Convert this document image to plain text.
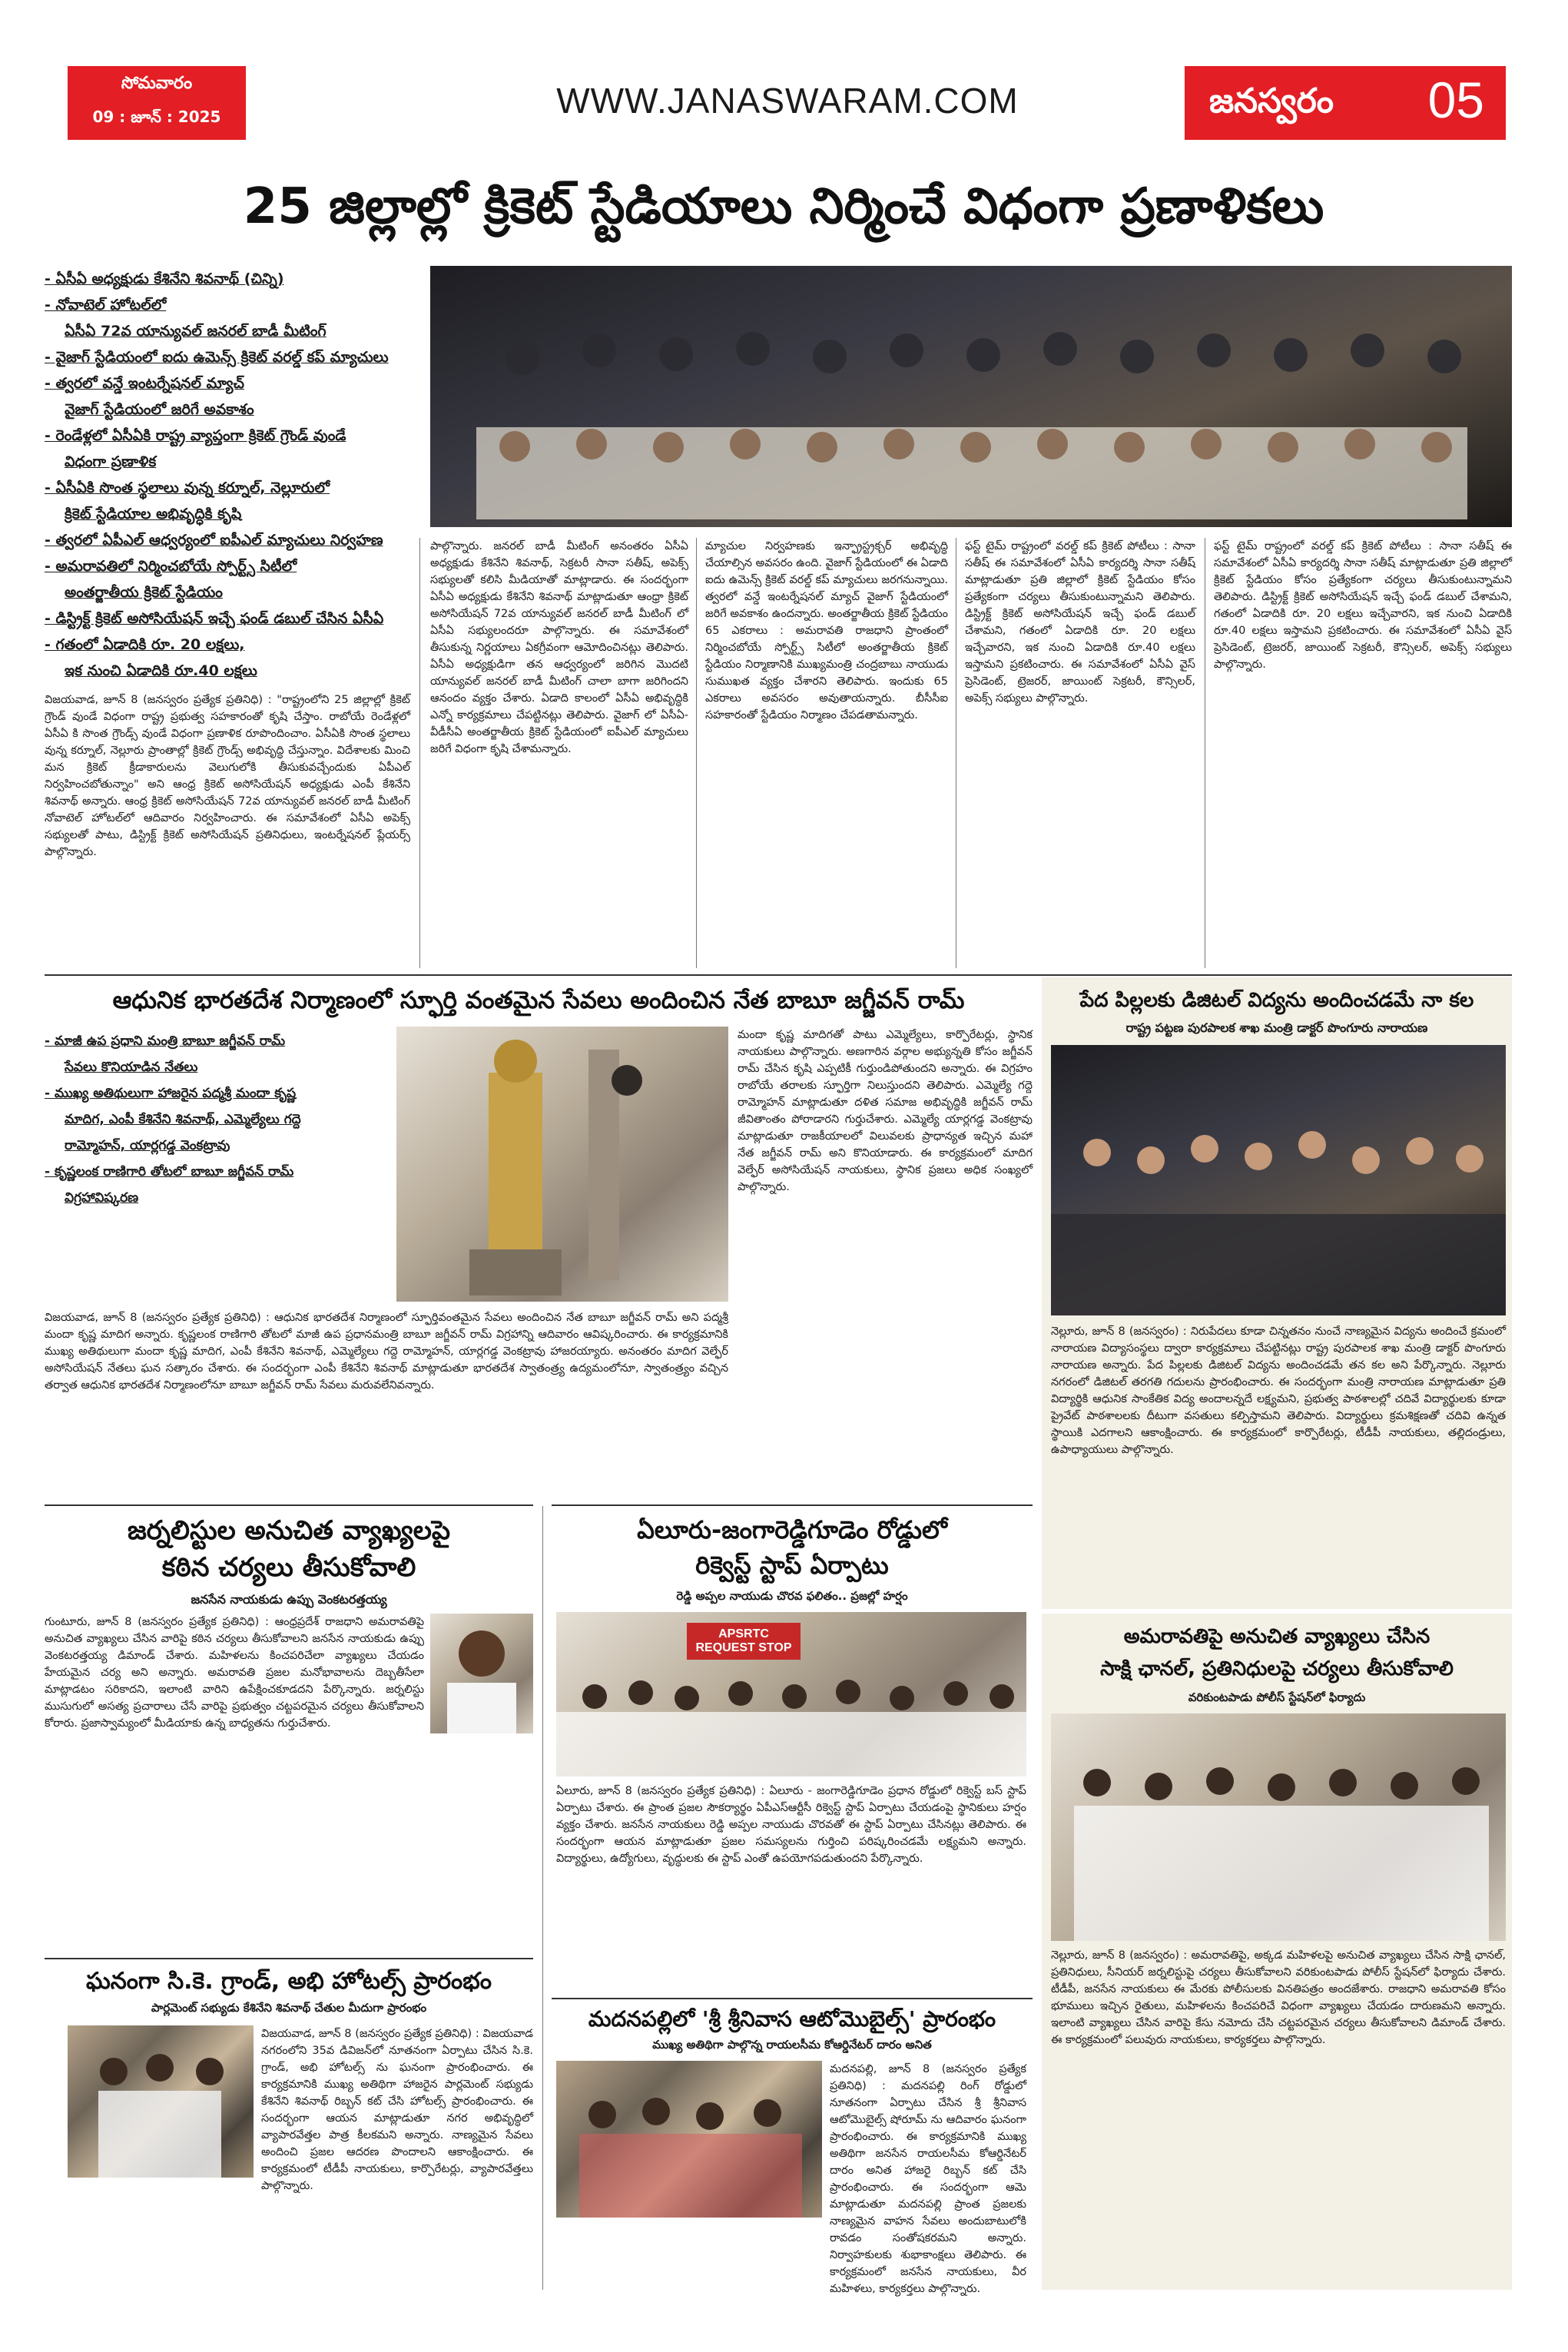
సోమవారం
09 : జూన్ : 2025	WWW.JANASWARAM.COM	జనస్వరం 05
25 జిల్లాల్లో క్రికెట్ స్టేడియాలు నిర్మించే విధంగా ప్రణాళికలు
- ఏసీఏ అధ్యక్షుడు కేశినేని శివనాథ్ (చిన్ని)
- నోవాటెల్ హోటల్‌లో
ఏసీఏ 72వ యాన్యువల్ జనరల్ బాడీ మీటింగ్
- వైజాగ్ స్టేడియంలో ఐదు ఉమెన్స్ క్రికెట్ వరల్డ్ కప్ మ్యాచులు
- త్వరలో వన్డే ఇంటర్నేషనల్ మ్యాచ్
వైజాగ్ స్టేడియంలో జరిగే అవకాశం
- రెండేళ్లలో ఏసీఏకి రాష్ట్ర వ్యాప్తంగా క్రికెట్ గ్రౌండ్ వుండే
విధంగా ప్రణాళిక
- ఏసీఏకి సొంత స్థలాలు వున్న కర్నూల్, నెల్లూరులో
క్రికెట్ స్టేడియాల అభివృద్ధికి కృషి
- త్వరలో ఏపీఎల్ ఆధ్వర్యంలో ఐపీఎల్ మ్యాచులు నిర్వహణ
- అమరావతిలో నిర్మించబోయే స్పోర్ట్స్ సిటీలో
అంతర్జాతీయ క్రికెట్ స్టేడియం
- డిస్ట్రిక్ట్ క్రికెట్ అసోసియేషన్ ఇచ్చే ఫండ్ డబుల్ చేసిన ఏసీఏ
- గతంలో ఏడాదికి రూ. 20 లక్షలు,
ఇక నుంచి ఏడాదికి రూ.40 లక్షలు

విజయవాడ, జూన్ 8 (జనస్వరం ప్రత్యేక ప్రతినిధి) : "రాష్ట్రంలోని 25 జిల్లాల్లో క్రికెట్ గ్రౌండ్ వుండే విధంగా రాష్ట్ర ప్రభుత్వ సహకారంతో కృషి చేస్తాం. రాబోయే రెండేళ్లలో ఏసీఏ కి సొంత గ్రౌండ్స్ వుండే విధంగా ప్రణాళిక రూపొందించాం. ఏసీఏకి సొంత స్థలాలు వున్న కర్నూల్, నెల్లూరు ప్రాంతాల్లో క్రికెట్ గ్రౌండ్స్ అభివృద్ధి చేస్తున్నాం. విదేశాలకు మించి మన క్రికెట్ క్రీడాకారులను వెలుగులోకి తీసుకువచ్చేందుకు ఏపీఎల్ నిర్వహించబోతున్నాం" అని ఆంధ్ర క్రికెట్ అసోసియేషన్ అధ్యక్షుడు ఎంపీ కేశినేని శివనాథ్ అన్నారు. ఆంధ్ర క్రికెట్ అసోసియేషన్ 72వ యాన్యువల్ జనరల్ బాడీ మీటింగ్ నోవాటెల్ హోటల్‌లో ఆదివారం నిర్వహించారు. ఈ సమావేశంలో ఏసీఏ అపెక్స్ సభ్యులతో పాటు, డిస్ట్రిక్ట్ క్రికెట్ అసోసియేషన్ ప్రతినిధులు, ఇంటర్నేషనల్ ప్లేయర్స్ పాల్గొన్నారు.

పాల్గొన్నారు. జనరల్ బాడీ మీటింగ్ అనంతరం ఏసీఏ అధ్యక్షుడు కేశినేని శివనాథ్, సెక్రటరీ సానా సతీష్, అపెక్స్ సభ్యులతో కలిసి మీడియాతో మాట్లాడారు. ఈ సందర్భంగా ఏసీఏ అధ్యక్షుడు కేశినేని శివనాథ్ మాట్లాడుతూ ఆంధ్రా క్రికెట్ అసోసియేషన్ 72వ యాన్యువల్ జనరల్ బాడీ మీటింగ్ లో ఏసీఏ సభ్యులందరూ పాల్గొన్నారు. ఈ సమావేశంలో తీసుకున్న నిర్ణయాలు ఏకగ్రీవంగా ఆమోదించినట్లు తెలిపారు. ఏసీఏ అధ్యక్షుడిగా తన ఆధ్వర్యంలో జరిగిన మొదటి యాన్యువల్ జనరల్ బాడీ మీటింగ్ చాలా బాగా జరిగిందని ఆనందం వ్యక్తం చేశారు. ఏడాది కాలంలో ఏసీఏ అభివృద్ధికి ఎన్నో కార్యక్రమాలు చేపట్టినట్లు తెలిపారు. వైజాగ్ లో ఏసీఏ-వీడీసీఏ అంతర్జాతీయ క్రికెట్ స్టేడియంలో ఐపీఎల్ మ్యాచులు జరిగే విధంగా కృషి చేశామన్నారు.

మ్యాచుల నిర్వహణకు ఇన్ఫ్రాస్ట్రక్చర్ అభివృద్ధి చేయాల్సిన అవసరం ఉంది. వైజాగ్ స్టేడియంలో ఈ ఏడాది ఐదు ఉమెన్స్ క్రికెట్ వరల్డ్ కప్ మ్యాచులు జరగనున్నాయి. త్వరలో వన్డే ఇంటర్నేషనల్ మ్యాచ్ వైజాగ్ స్టేడియంలో జరిగే అవకాశం ఉందన్నారు. అంతర్జాతీయ క్రికెట్ స్టేడియం 65 ఎకరాలు : అమరావతి రాజధాని ప్రాంతంలో నిర్మించబోయే స్పోర్ట్స్ సిటీలో అంతర్జాతీయ క్రికెట్ స్టేడియం నిర్మాణానికి ముఖ్యమంత్రి చంద్రబాబు నాయుడు సుముఖత వ్యక్తం చేశారని తెలిపారు. ఇందుకు 65 ఎకరాలు అవసరం అవుతాయన్నారు. బీసీసీఐ సహకారంతో స్టేడియం నిర్మాణం చేపడతామన్నారు.

ఫస్ట్ టైమ్ రాష్ట్రంలో వరల్డ్ కప్ క్రికెట్ పోటీలు : సానా సతీష్ ఈ సమావేశంలో ఏసీఏ కార్యదర్శి సానా సతీష్ మాట్లాడుతూ ప్రతి జిల్లాలో క్రికెట్ స్టేడియం కోసం ప్రత్యేకంగా చర్యలు తీసుకుంటున్నామని తెలిపారు. డిస్ట్రిక్ట్ క్రికెట్ అసోసియేషన్ ఇచ్చే ఫండ్ డబుల్ చేశామని, గతంలో ఏడాదికి రూ. 20 లక్షలు ఇచ్చేవారని, ఇక నుంచి ఏడాదికి రూ.40 లక్షలు ఇస్తామని ప్రకటించారు. ఈ సమావేశంలో ఏసీఏ వైస్ ప్రెసిడెంట్, ట్రెజరర్, జాయింట్ సెక్రటరీ, కౌన్సిలర్, అపెక్స్ సభ్యులు పాల్గొన్నారు.

ఫస్ట్ టైమ్ రాష్ట్రంలో వరల్డ్ కప్ క్రికెట్ పోటీలు : సానా సతీష్ ఈ సమావేశంలో ఏసీఏ కార్యదర్శి సానా సతీష్ మాట్లాడుతూ ప్రతి జిల్లాలో క్రికెట్ స్టేడియం కోసం ప్రత్యేకంగా చర్యలు తీసుకుంటున్నామని తెలిపారు. డిస్ట్రిక్ట్ క్రికెట్ అసోసియేషన్ ఇచ్చే ఫండ్ డబుల్ చేశామని, గతంలో ఏడాదికి రూ. 20 లక్షలు ఇచ్చేవారని, ఇక నుంచి ఏడాదికి రూ.40 లక్షలు ఇస్తామని ప్రకటించారు. ఈ సమావేశంలో ఏసీఏ వైస్ ప్రెసిడెంట్, ట్రెజరర్, జాయింట్ సెక్రటరీ, కౌన్సిలర్, అపెక్స్ సభ్యులు పాల్గొన్నారు.

ఆధునిక భారతదేశ నిర్మాణంలో స్ఫూర్తి వంతమైన సేవలు అందించిన నేత బాబూ జగ్జీవన్ రామ్
- మాజీ ఉప ప్రధాని మంత్రి బాబూ జగ్జీవన్ రామ్
సేవలు కొనియాడిన నేతలు
- ముఖ్య అతిథులుగా హాజరైన పద్మశ్రీ మందా కృష్ణ
మాదిగ, ఎంపీ కేశినేని శివనాథ్, ఎమ్మెల్యేలు గద్దె
రామ్మోహన్, యార్లగడ్డ వెంకట్రావు
- కృష్ణలంక రాణిగారి తోటలో బాబూ జగ్జీవన్ రామ్
విగ్రహావిష్కరణ

విజయవాడ, జూన్ 8 (జనస్వరం ప్రత్యేక ప్రతినిధి) : ఆధునిక భారతదేశ నిర్మాణంలో స్ఫూర్తివంతమైన సేవలు అందించిన నేత బాబూ జగ్జీవన్ రామ్ అని పద్మశ్రీ మందా కృష్ణ మాదిగ అన్నారు. కృష్ణలంక రాణిగారి తోటలో మాజీ ఉప ప్రధానమంత్రి బాబూ జగ్జీవన్ రామ్ విగ్రహాన్ని ఆదివారం ఆవిష్కరించారు. ఈ కార్యక్రమానికి ముఖ్య అతిథులుగా మందా కృష్ణ మాదిగ, ఎంపీ కేశినేని శివనాథ్, ఎమ్మెల్యేలు గద్దె రామ్మోహన్, యార్లగడ్డ వెంకట్రావు హాజరయ్యారు. అనంతరం మాదిగ వెల్ఫేర్ అసోసియేషన్ నేతలు ఘన సత్కారం చేశారు. ఈ సందర్భంగా ఎంపీ కేశినేని శివనాథ్ మాట్లాడుతూ భారతదేశ స్వాతంత్ర్య ఉద్యమంలోనూ, స్వాతంత్ర్యం వచ్చిన తర్వాత ఆధునిక భారతదేశ నిర్మాణంలోనూ బాబూ జగ్జీవన్ రామ్ సేవలు మరువలేనివన్నారు.

మందా కృష్ణ మాదిగతో పాటు ఎమ్మెల్యేలు, కార్పొరేటర్లు, స్థానిక నాయకులు పాల్గొన్నారు. అణగారిన వర్గాల అభ్యున్నతి కోసం జగ్జీవన్ రామ్ చేసిన కృషి ఎప్పటికీ గుర్తుండిపోతుందని అన్నారు. ఈ విగ్రహం రాబోయే తరాలకు స్ఫూర్తిగా నిలుస్తుందని తెలిపారు. ఎమ్మెల్యే గద్దె రామ్మోహన్ మాట్లాడుతూ దళిత సమాజ అభివృద్ధికి జగ్జీవన్ రామ్ జీవితాంతం పోరాడారని గుర్తుచేశారు. ఎమ్మెల్యే యార్లగడ్డ వెంకట్రావు మాట్లాడుతూ రాజకీయాలలో విలువలకు ప్రాధాన్యత ఇచ్చిన మహా నేత జగ్జీవన్ రామ్ అని కొనియాడారు. ఈ కార్యక్రమంలో మాదిగ వెల్ఫేర్ అసోసియేషన్ నాయకులు, స్థానిక ప్రజలు అధిక సంఖ్యలో పాల్గొన్నారు.

పేద పిల్లలకు డిజిటల్ విద్యను అందించడమే నా కల
రాష్ట్ర పట్టణ పురపాలక శాఖ మంత్రి డాక్టర్ పొంగూరు నారాయణ

నెల్లూరు, జూన్ 8 (జనస్వరం) : నిరుపేదలు కూడా చిన్నతనం నుంచే నాణ్యమైన విద్యను అందించే క్రమంలో నారాయణ విద్యాసంస్థలు ద్వారా కార్యక్రమాలు చేపట్టినట్లు రాష్ట్ర పురపాలక శాఖ మంత్రి డాక్టర్ పొంగూరు నారాయణ అన్నారు. పేద పిల్లలకు డిజిటల్ విద్యను అందించడమే తన కల అని పేర్కొన్నారు. నెల్లూరు నగరంలో డిజిటల్ తరగతి గదులను ప్రారంభించారు. ఈ సందర్భంగా మంత్రి నారాయణ మాట్లాడుతూ ప్రతి విద్యార్థికి ఆధునిక సాంకేతిక విద్య అందాలన్నదే లక్ష్యమని, ప్రభుత్వ పాఠశాలల్లో చదివే విద్యార్థులకు కూడా ప్రైవేట్ పాఠశాలలకు దీటుగా వసతులు కల్పిస్తామని తెలిపారు. విద్యార్థులు క్రమశిక్షణతో చదివి ఉన్నత స్థాయికి ఎదగాలని ఆకాంక్షించారు. ఈ కార్యక్రమంలో కార్పొరేటర్లు, టీడీపీ నాయకులు, తల్లిదండ్రులు, ఉపాధ్యాయులు పాల్గొన్నారు.

జర్నలిస్టుల అనుచిత వ్యాఖ్యలపై
కఠిన చర్యలు తీసుకోవాలి
జనసేన నాయకుడు ఉప్పు వెంకటరత్తయ్య

గుంటూరు, జూన్ 8 (జనస్వరం ప్రత్యేక ప్రతినిధి) : ఆంధ్రప్రదేశ్ రాజధాని అమరావతిపై అనుచిత వ్యాఖ్యలు చేసిన వారిపై కఠిన చర్యలు తీసుకోవాలని జనసేన నాయకుడు ఉప్పు వెంకటరత్తయ్య డిమాండ్ చేశారు. మహిళలను కించపరిచేలా వ్యాఖ్యలు చేయడం హేయమైన చర్య అని అన్నారు. అమరావతి ప్రజల మనోభావాలను దెబ్బతీసేలా మాట్లాడటం సరికాదని, ఇలాంటి వారిని ఉపేక్షించకూడదని పేర్కొన్నారు. జర్నలిస్టు ముసుగులో అసత్య ప్రచారాలు చేసే వారిపై ప్రభుత్వం చట్టపరమైన చర్యలు తీసుకోవాలని కోరారు. ప్రజాస్వామ్యంలో మీడియాకు ఉన్న బాధ్యతను గుర్తుచేశారు.

ఘనంగా సి.కె. గ్రాండ్, అభి హోటల్స్ ప్రారంభం
పార్లమెంట్ సభ్యుడు కేశినేని శివనాథ్ చేతుల మీదుగా ప్రారంభం

విజయవాడ, జూన్ 8 (జనస్వరం ప్రత్యేక ప్రతినిధి) : విజయవాడ నగరంలోని 35వ డివిజన్‌లో నూతనంగా ఏర్పాటు చేసిన సి.కె. గ్రాండ్, అభి హోటల్స్ ను ఘనంగా ప్రారంభించారు. ఈ కార్యక్రమానికి ముఖ్య అతిథిగా హాజరైన పార్లమెంట్ సభ్యుడు కేశినేని శివనాథ్ రిబ్బన్ కట్ చేసి హోటల్స్ ప్రారంభించారు. ఈ సందర్భంగా ఆయన మాట్లాడుతూ నగర అభివృద్ధిలో వ్యాపారవేత్తల పాత్ర కీలకమని అన్నారు. నాణ్యమైన సేవలు అందించి ప్రజల ఆదరణ పొందాలని ఆకాంక్షించారు. ఈ కార్యక్రమంలో టీడీపీ నాయకులు, కార్పొరేటర్లు, వ్యాపారవేత్తలు పాల్గొన్నారు.

ఏలూరు-జంగారెడ్డిగూడెం రోడ్డులో
రిక్వెస్ట్ స్టాప్ ఏర్పాటు
రెడ్డి అప్పల నాయుడు చొరవ ఫలితం.. ప్రజల్లో హర్షం
APSRTC REQUEST STOP

ఏలూరు, జూన్ 8 (జనస్వరం ప్రత్యేక ప్రతినిధి) : ఏలూరు - జంగారెడ్డిగూడెం ప్రధాన రోడ్డులో రిక్వెస్ట్ బస్ స్టాప్ ఏర్పాటు చేశారు. ఈ ప్రాంత ప్రజల సౌకర్యార్థం ఏపీఎస్ఆర్టీసీ రిక్వెస్ట్ స్టాప్ ఏర్పాటు చేయడంపై స్థానికులు హర్షం వ్యక్తం చేశారు. జనసేన నాయకులు రెడ్డి అప్పల నాయుడు చొరవతో ఈ స్టాప్ ఏర్పాటు చేసినట్లు తెలిపారు. ఈ సందర్భంగా ఆయన మాట్లాడుతూ ప్రజల సమస్యలను గుర్తించి పరిష్కరించడమే లక్ష్యమని అన్నారు. విద్యార్థులు, ఉద్యోగులు, వృద్ధులకు ఈ స్టాప్ ఎంతో ఉపయోగపడుతుందని పేర్కొన్నారు.

మదనపల్లిలో 'శ్రీ శ్రీనివాస ఆటోమొబైల్స్' ప్రారంభం
ముఖ్య అతిథిగా పాల్గొన్న రాయలసీమ కోఆర్డినేటర్ దారం అనిత

మదనపల్లి, జూన్ 8 (జనస్వరం ప్రత్యేక ప్రతినిధి) : మదనపల్లి రింగ్ రోడ్డులో నూతనంగా ఏర్పాటు చేసిన శ్రీ శ్రీనివాస ఆటోమొబైల్స్ షోరూమ్ ను ఆదివారం ఘనంగా ప్రారంభించారు. ఈ కార్యక్రమానికి ముఖ్య అతిథిగా జనసేన రాయలసీమ కోఆర్డినేటర్ దారం అనిత హాజరై రిబ్బన్ కట్ చేసి ప్రారంభించారు. ఈ సందర్భంగా ఆమె మాట్లాడుతూ మదనపల్లి ప్రాంత ప్రజలకు నాణ్యమైన వాహన సేవలు అందుబాటులోకి రావడం సంతోషకరమని అన్నారు. నిర్వాహకులకు శుభాకాంక్షలు తెలిపారు. ఈ కార్యక్రమంలో జనసేన నాయకులు, వీర మహిళలు, కార్యకర్తలు పాల్గొన్నారు.

అమరావతిపై అనుచిత వ్యాఖ్యలు చేసిన
సాక్షి ఛానల్, ప్రతినిధులపై చర్యలు తీసుకోవాలి
వరికుంటపాడు పోలీస్ స్టేషన్‌లో ఫిర్యాదు

నెల్లూరు, జూన్ 8 (జనస్వరం) : అమరావతిపై, అక్కడ మహిళలపై అనుచిత వ్యాఖ్యలు చేసిన సాక్షి ఛానల్, ప్రతినిధులు, సీనియర్ జర్నలిస్టుపై చర్యలు తీసుకోవాలని వరికుంటపాడు పోలీస్ స్టేషన్‌లో ఫిర్యాదు చేశారు. టీడీపీ, జనసేన నాయకులు ఈ మేరకు పోలీసులకు వినతిపత్రం అందజేశారు. రాజధాని అమరావతి కోసం భూములు ఇచ్చిన రైతులు, మహిళలను కించపరిచే విధంగా వ్యాఖ్యలు చేయడం దారుణమని అన్నారు. ఇలాంటి వ్యాఖ్యలు చేసిన వారిపై కేసు నమోదు చేసి చట్టపరమైన చర్యలు తీసుకోవాలని డిమాండ్ చేశారు. ఈ కార్యక్రమంలో పలువురు నాయకులు, కార్యకర్తలు పాల్గొన్నారు.
